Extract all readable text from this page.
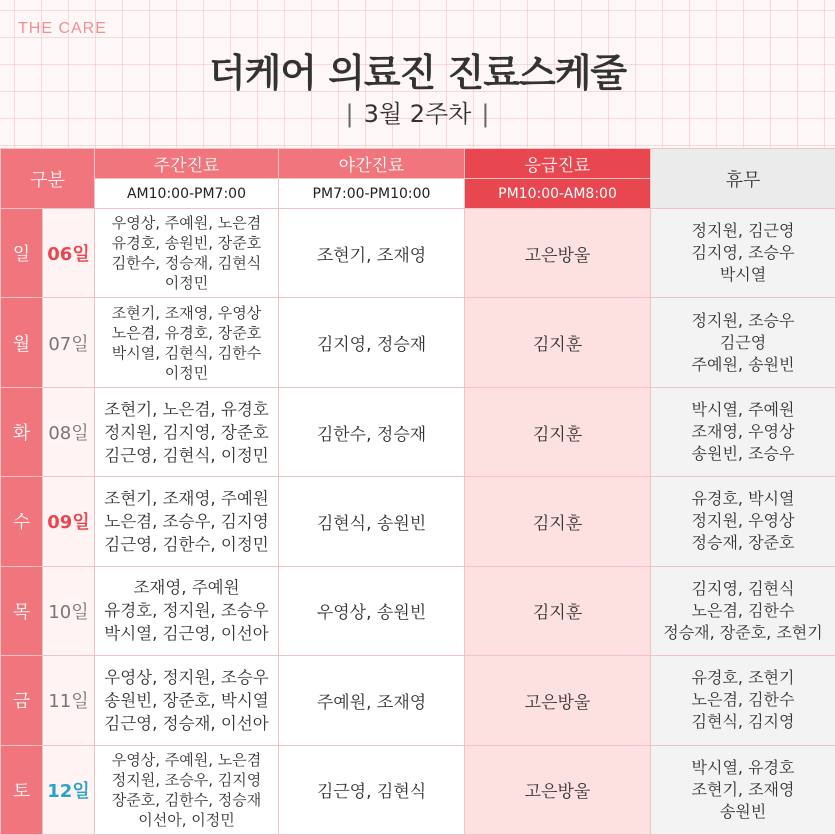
THE CARE
더케어 의료진 진료스케줄
| 3월 2주차 |
구분		주간진료	야간진료	응급진료	휴무
		AM10:00-PM7:00	PM7:00-PM10:00	PM10:00-AM8:00	
일	06일	우영상, 주예원, 노은겸
유경호, 송원빈, 장준호
김한수, 정승재, 김현식
이정민	조현기, 조재영	고은방울	정지원, 김근영
김지영, 조승우
박시열

월	07일	조현기, 조재영, 우영상
노은겸, 유경호, 장준호
박시열, 김현식, 김한수
이정민	김지영, 정승재	김지훈	정지원, 조승우
김근영
주예원, 송원빈

화	08일	조현기, 노은겸, 유경호
정지원, 김지영, 장준호
김근영, 김현식, 이정민	김한수, 정승재	김지훈	박시열, 주예원
조재영, 우영상
송원빈, 조승우

수	09일	조현기, 조재영, 주예원
노은겸, 조승우, 김지영
김근영, 김한수, 이정민	김현식, 송원빈	김지훈	유경호, 박시열
정지원, 우영상
정승재, 장준호

목	10일	조재영, 주예원
유경호, 정지원, 조승우
박시열, 김근영, 이선아	우영상, 송원빈	김지훈	김지영, 김현식
노은겸, 김한수
정승재, 장준호, 조현기

금	11일	우영상, 정지원, 조승우
송원빈, 장준호, 박시열
김근영, 정승재, 이선아	주예원, 조재영	고은방울	유경호, 조현기
노은겸, 김한수
김현식, 김지영

토	12일	우영상, 주예원, 노은겸
정지원, 조승우, 김지영
장준호, 김한수, 정승재
이선아, 이정민	김근영, 김현식	고은방울	박시열, 유경호
조현기, 조재영
송원빈
